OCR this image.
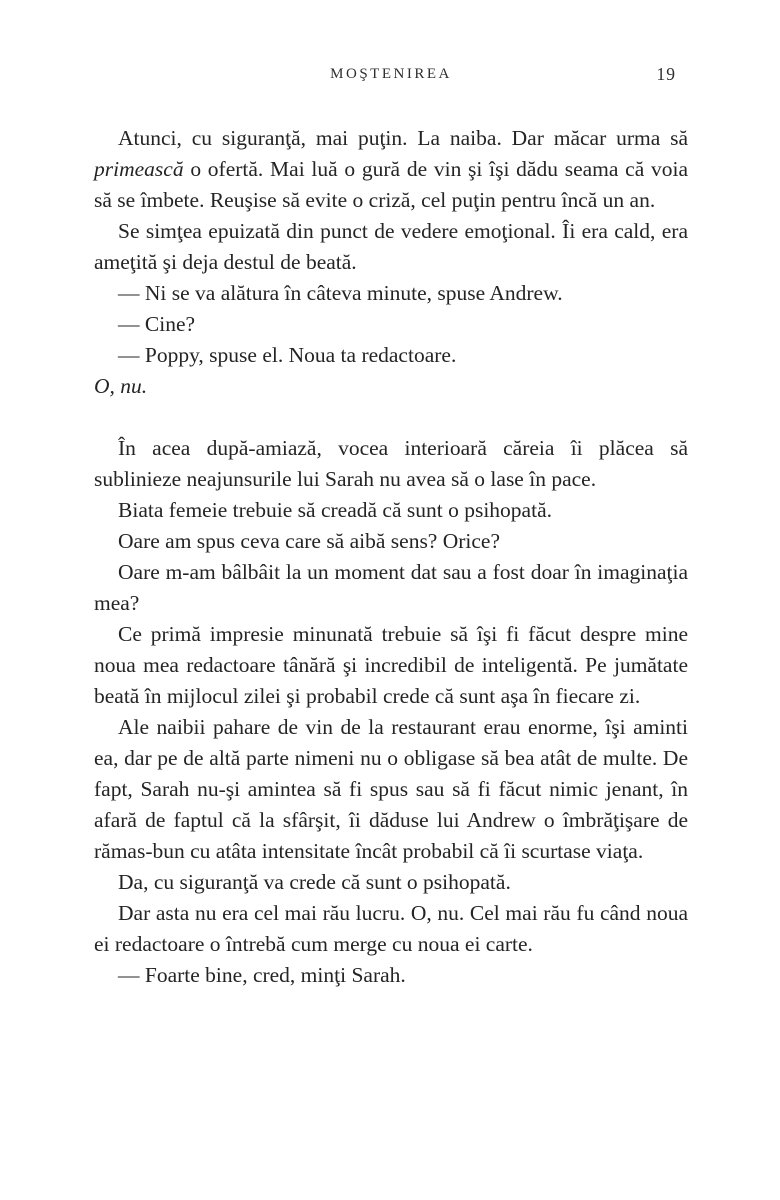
MOŞTENIREA	19

Atunci, cu siguranţă, mai puţin. La naiba. Dar măcar urma să primească o ofertă. Mai luă o gură de vin şi îşi dădu seama că voia să se îmbete. Reuşise să evite o criză, cel puţin pentru încă un an.

Se simţea epuizată din punct de vedere emoţional. Îi era cald, era ameţită şi deja destul de beată.

— Ni se va alătura în câteva minute, spuse Andrew.

— Cine?

— Poppy, spuse el. Noua ta redactoare.

O, nu.

În acea după-amiază, vocea interioară căreia îi plăcea să sublinieze neajunsurile lui Sarah nu avea să o lase în pace.

Biata femeie trebuie să creadă că sunt o psihopată.

Oare am spus ceva care să aibă sens? Orice?

Oare m-am bâlbâit la un moment dat sau a fost doar în imaginaţia mea?

Ce primă impresie minunată trebuie să îşi fi făcut despre mine noua mea redactoare tânără şi incredibil de inteligentă. Pe jumătate beată în mijlocul zilei şi probabil crede că sunt aşa în fiecare zi.

Ale naibii pahare de vin de la restaurant erau enorme, îşi aminti ea, dar pe de altă parte nimeni nu o obligase să bea atât de multe. De fapt, Sarah nu-şi amintea să fi spus sau să fi făcut nimic jenant, în afară de faptul că la sfârşit, îi dăduse lui Andrew o îmbrăţişare de rămas-bun cu atâta intensitate încât probabil că îi scurtase viaţa.

Da, cu siguranţă va crede că sunt o psihopată.

Dar asta nu era cel mai rău lucru. O, nu. Cel mai rău fu când noua ei redactoare o întrebă cum merge cu noua ei carte.

— Foarte bine, cred, minţi Sarah.
